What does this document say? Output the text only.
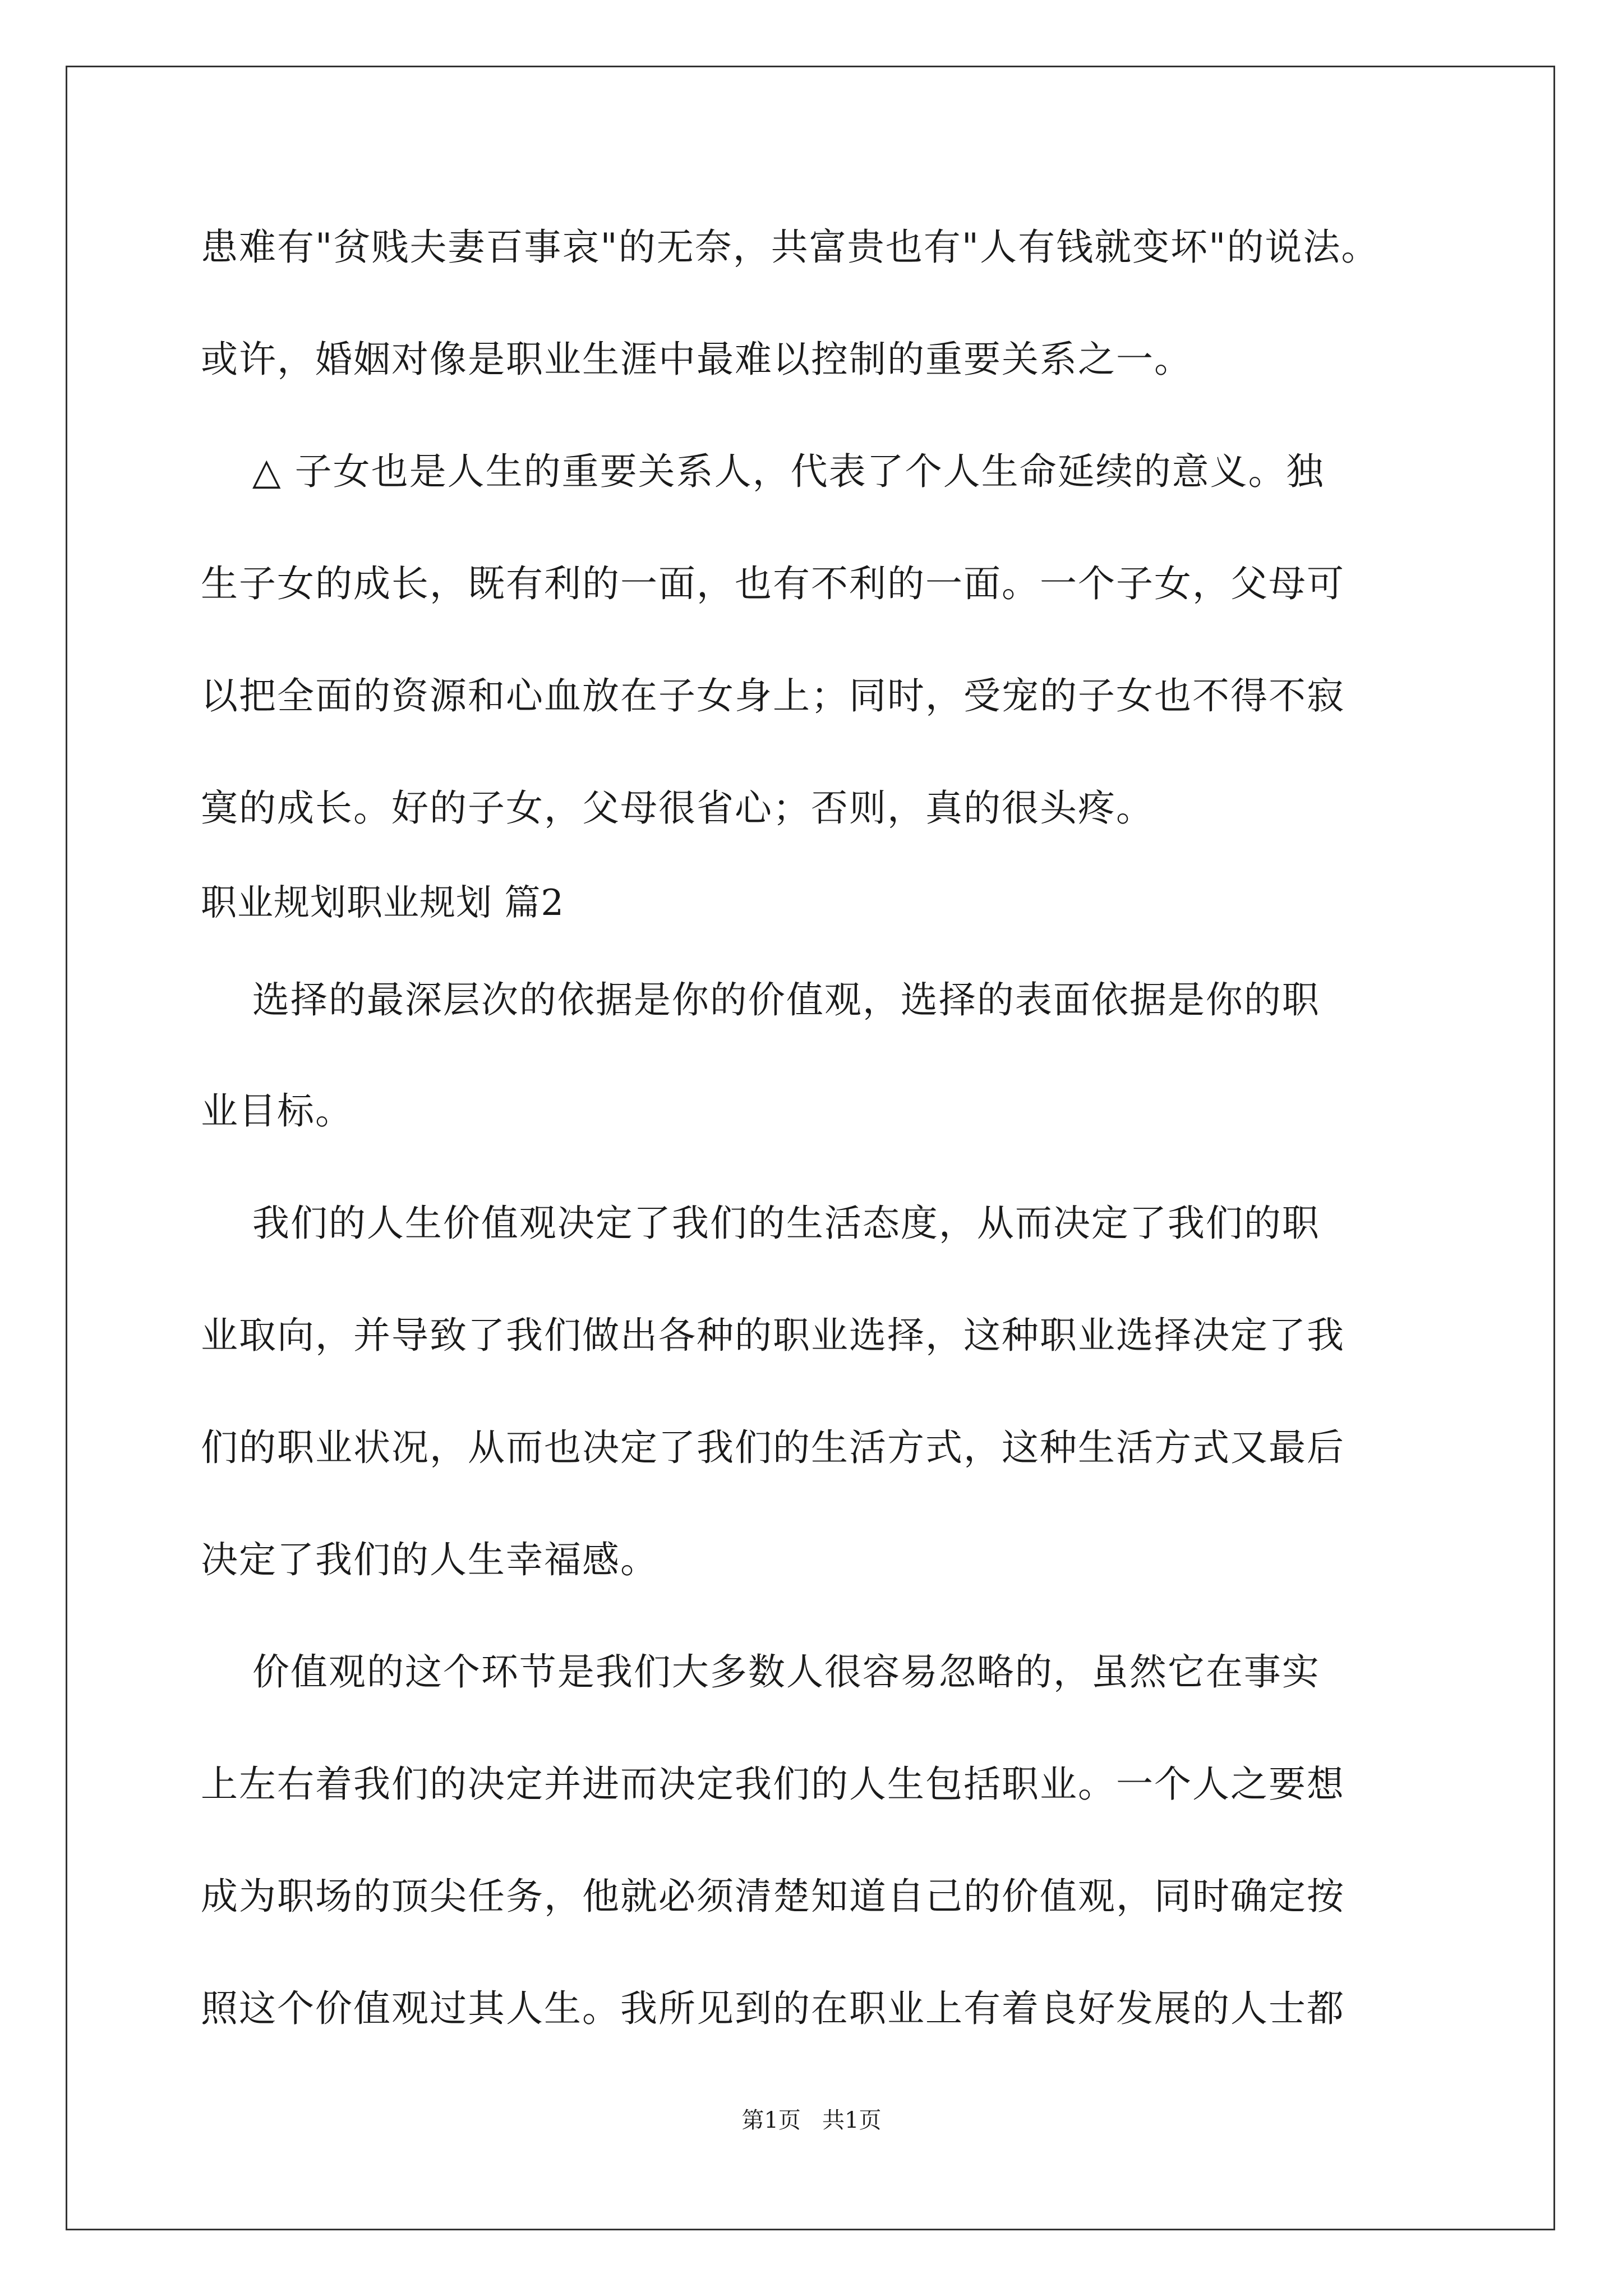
患难有"贫贱夫妻百事哀"的无奈，共富贵也有"人有钱就变坏"的说法。
或许，婚姻对像是职业生涯中最难以控制的重要关系之一。
△ 子女也是人生的重要关系人，代表了个人生命延续的意义。独
生子女的成长，既有利的一面，也有不利的一面。一个子女，父母可
以把全面的资源和心血放在子女身上；同时，受宠的子女也不得不寂
寞的成长。好的子女，父母很省心；否则，真的很头疼。
职业规划职业规划 篇2
选择的最深层次的依据是你的价值观，选择的表面依据是你的职
业目标。
我们的人生价值观决定了我们的生活态度，从而决定了我们的职
业取向，并导致了我们做出各种的职业选择，这种职业选择决定了我
们的职业状况，从而也决定了我们的生活方式，这种生活方式又最后
决定了我们的人生幸福感。
价值观的这个环节是我们大多数人很容易忽略的，虽然它在事实
上左右着我们的决定并进而决定我们的人生包括职业。一个人之要想
成为职场的顶尖任务，他就必须清楚知道自己的价值观，同时确定按
照这个价值观过其人生。我所见到的在职业上有着良好发展的人士都
第1页   共1页
